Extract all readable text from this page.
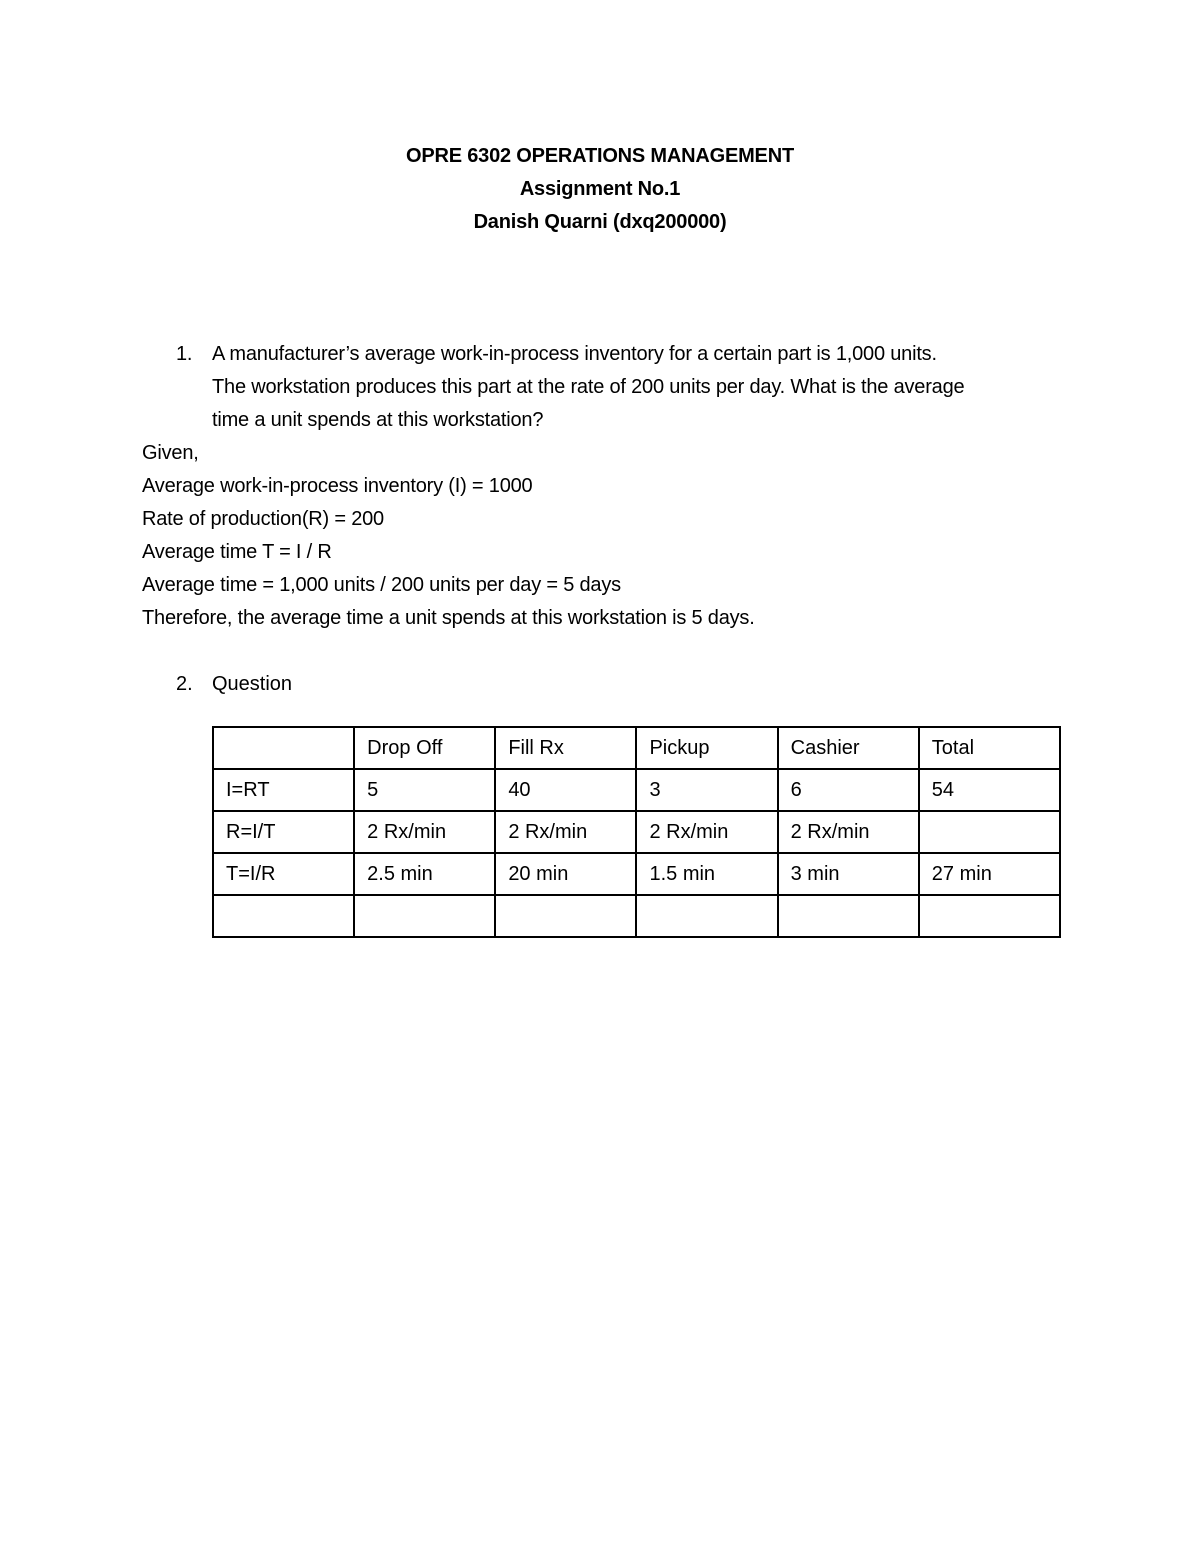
OPRE 6302 OPERATIONS MANAGEMENT
Assignment No.1
Danish Quarni (dxq200000)
1. A manufacturer’s average work-in-process inventory for a certain part is 1,000 units.
The workstation produces this part at the rate of 200 units per day. What is the average
time a unit spends at this workstation?
Given,
Average work-in-process inventory (I) = 1000
Rate of production(R) = 200
Average time T = I / R
Average time = 1,000 units / 200 units per day = 5 days
Therefore, the average time a unit spends at this workstation is 5 days.
2. Question
	Drop Off	Fill Rx	Pickup	Cashier	Total
I=RT	5	40	3	6	54
R=I/T	2 Rx/min	2 Rx/min	2 Rx/min	2 Rx/min	
T=I/R	2.5 min	20 min	1.5 min	3 min	27 min
